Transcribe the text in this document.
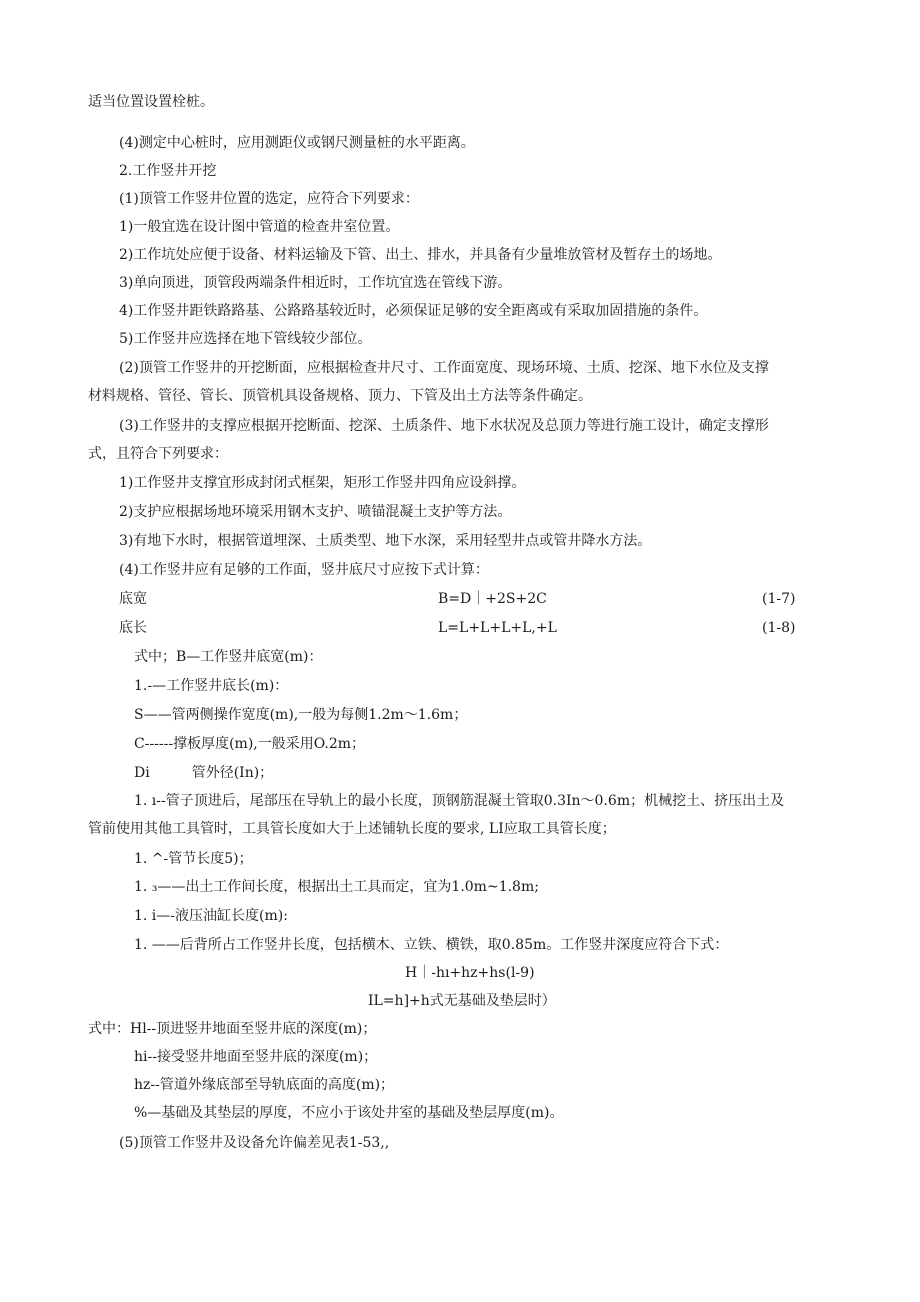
适当位置设置栓桩。
(4)测定中心桩时，应用测距仪或钢尺测量桩的水平距离。
2.工作竖井开挖
(1)顶管工作竖井位置的选定，应符合下列要求：
1)一般宜选在设计图中管道的检查井室位置。
2)工作坑处应便于设备、材料运输及下管、出土、排水，并具备有少量堆放管材及暂存土的场地。
3)单向顶进，顶管段两端条件相近时，工作坑宜选在管线下游。
4)工作竖井距铁路路基、公路路基较近时，必须保证足够的安全距离或有采取加固措施的条件。
5)工作竖井应选择在地下管线较少部位。
(2)顶管工作竖井的开挖断面，应根据检查井尺寸、工作面宽度、现场环境、土质、挖深、地下水位及支撑
材料规格、管径、管长、顶管机具设备规格、顶力、下管及出土方法等条件确定。
(3)工作竖井的支撑应根据开挖断面、挖深、土质条件、地下水状况及总顶力等进行施工设计，确定支撑形
式，且符合下列要求：
1)工作竖井支撑宜形成封闭式框架，矩形工作竖井四角应设斜撑。
2)支护应根据场地环境采用钢木支护、喷锚混凝土支护等方法。
3)有地下水时，根据管道埋深、土质类型、地下水深，采用轻型井点或管井降水方法。
(4)工作竖井应有足够的工作面，竖井底尺寸应按下式计算：
底宽	B=D｜+2S+2C	(1-7)
底长	L=L+L+L+L,+L	(1-8)
式中；B—工作竖井底宽(m)：
1.-—工作竖井底长(m)：
S——管两侧操作宽度(m),一般为每侧1.2m～1.6m；
C------撑板厚度(m),一般采用O.2m；
Di　　　管外径(In)；
1. ı--管子顶进后，尾部压在导轨上的最小长度，顶钢筋混凝土管取0.3In～0.6m；机械挖土、挤压出土及
管前使用其他工具管时，工具管长度如大于上述铺轨长度的要求, LI应取工具管长度；
1. ^-管节长度5)；
1. ₃——出土工作间长度，根据出土工具而定，宜为1.0m~1.8m;
1. i—-液压油缸长度(m):
1. ——后背所占工作竖井长度，包括横木、立铁、横铁，取0.85m。工作竖井深度应符合下式：
H｜-hı+hz+hs(l-9)
IL=h]+h式无基础及垫层时）
式中：Hl--顶进竖井地面至竖井底的深度(m)；
hi--接受竖井地面至竖井底的深度(m)；
hz--管道外缘底部至导轨底面的高度(m)；
%—基础及其垫层的厚度，不应小于该处井室的基础及垫层厚度(m)。
(5)顶管工作竖井及设备允许偏差见表1-53,,
